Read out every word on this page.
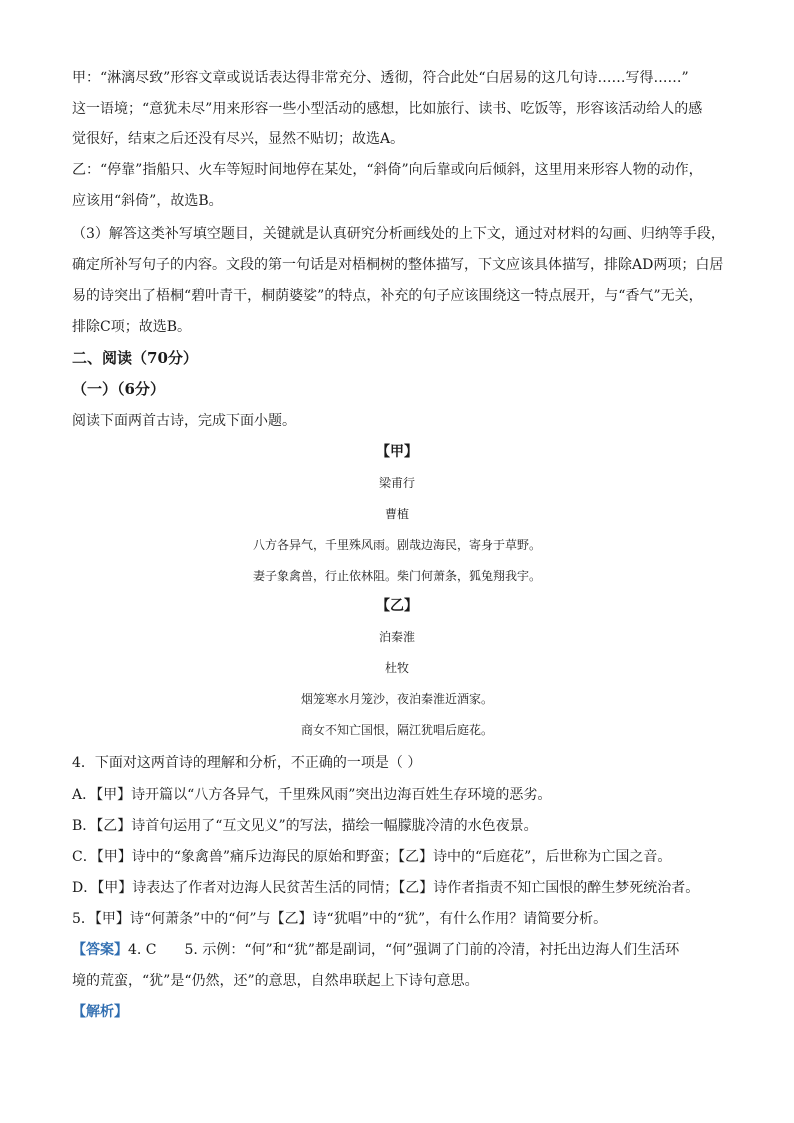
甲：“淋漓尽致”形容文章或说话表达得非常充分、透彻，符合此处“白居易的这几句诗……写得……”
这一语境；“意犹未尽”用来形容一些小型活动的感想，比如旅行、读书、吃饭等，形容该活动给人的感
觉很好，结束之后还没有尽兴，显然不贴切；故选A。
乙：“停靠”指船只、火车等短时间地停在某处，“斜倚”向后靠或向后倾斜，这里用来形容人物的动作，
应该用“斜倚”，故选B。
（3）解答这类补写填空题目，关键就是认真研究分析画线处的上下文，通过对材料的勾画、归纳等手段，
确定所补写句子的内容。文段的第一句话是对梧桐树的整体描写，下文应该具体描写，排除AD两项；白居
易的诗突出了梧桐“碧叶青干，桐荫婆娑”的特点，补充的句子应该围绕这一特点展开，与“香气”无关，
排除C项；故选B。
二、阅读（70分）
（一）（6分）
阅读下面两首古诗，完成下面小题。
【甲】
梁甫行
曹植
八方各异气，千里殊风雨。剧哉边海民，寄身于草野。
妻子象禽兽，行止依林阻。柴门何萧条，狐兔翔我宇。
【乙】
泊秦淮
杜牧
烟笼寒水月笼沙，夜泊秦淮近酒家。
商女不知亡国恨，隔江犹唱后庭花。
4．下面对这两首诗的理解和分析，不正确的一项是（ ）
A．【甲】诗开篇以“八方各异气，千里殊风雨”突出边海百姓生存环境的恶劣。
B．【乙】诗首句运用了“互文见义”的写法，描绘一幅朦胧冷清的水色夜景。
C．【甲】诗中的“象禽兽”痛斥边海民的原始和野蛮；【乙】诗中的“后庭花”，后世称为亡国之音。
D．【甲】诗表达了作者对边海人民贫苦生活的同情；【乙】诗作者指责不知亡国恨的醉生梦死统治者。
5．【甲】诗“何萧条”中的“何”与【乙】诗“犹唱”中的“犹”，有什么作用？请简要分析。
【答案】4. C　　5. 示例：“何”和“犹”都是副词，“何”强调了门前的冷清，衬托出边海人们生活环
境的荒蛮，“犹”是“仍然，还”的意思，自然串联起上下诗句意思。
【解析】
